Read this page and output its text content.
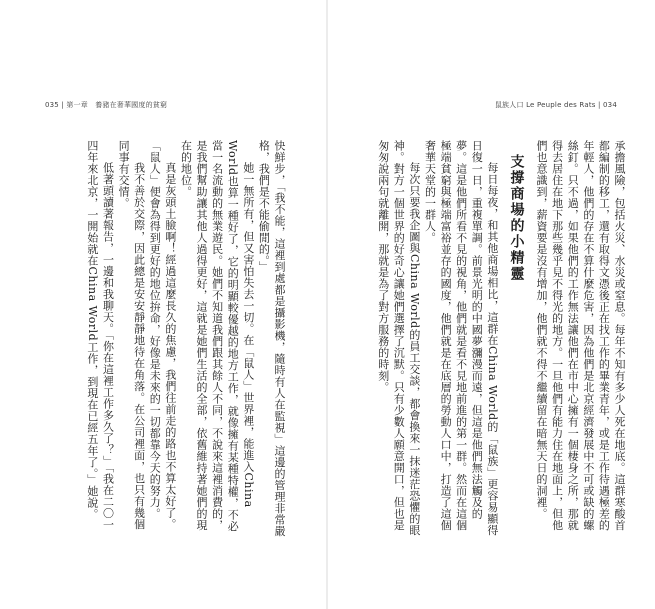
035 | 第一章　養豬在奢華國度的貧窮

快鮮步，「我不能，這裡到處都是攝影機，隨時有人在監視」這邊的管理非常嚴格，我們是不能偷閒的。」

她一無所有，但又害怕失去一切。在「鼠人」世界裡，能進入China World也算一種好了，它的明顯較優越的地方工作，就像擁有某種特權，不必當一名流動的無業遊民。她們不知道我們跟其餘人不同，不說來這裡消費的，是我們幫助讓其他人過得更好，這就是她們生活的全部，依舊維持著她們的現在的地位。

真是灰頭土臉啊！經過這麼長久的焦慮，我們往前走的路也不算太好了。「鼠人」便會為得到更好的地位拚命，好像是未來的一切都靠今天的努力。

我不善於交際，因此總是安安靜靜地待在角落。在公司裡面，也只有幾個同事有交情。

低著頭讀著報告，一邊和我聊天。「你在這裡工作多久了？」「我在二〇一四年來北京，一開始就在China World工作，到現在已經五年了。」她說。

鼠族人口 Le Peuple des Rats | 034

承擔風險，包括火災、水災或窒息。每年不知有多少人死在地底。這群寒酸首都編制的移工，還有取得文憑後正在找工作的畢業青年，或是工作待遇極差的年輕人，他們的存在不算什麼危害，因為他們是北京經濟發展中不可或缺的螺絲釘。只不過，如果他們的工作無法讓他們在市中心擁有一個棲身之所，那就得去居住在地下那些幾乎見不得光的地方。一旦他們有能力住在地面上，但他們也意識到，薪資要是沒有增加，他們就不得不繼續留在暗無天日的洞裡。

支撐商場的小精靈

每日每夜，和其他商場相比，這群在China World的「鼠族」更容易顯得日復一日，重複單調。前景光明的中國夢瀰漫而遠，但這是他們無法觸及的夢。這是他們所看不見的視角，他們就是看不見地前進的第一群。然而在這個極端貧窮與極端富裕並存的國度，他們就是在底層的勞動人口中，打造了這個奢華天堂的一群人。

每次只要我企圖與China World的員工交談，都會換來一抹迷茫恐懼的眼神。對方一個世界的好奇心讓她們選擇了沉默。只有少數人願意開口，但也是匆匆說兩句就離開，那就是為了對方服務的時刻。
